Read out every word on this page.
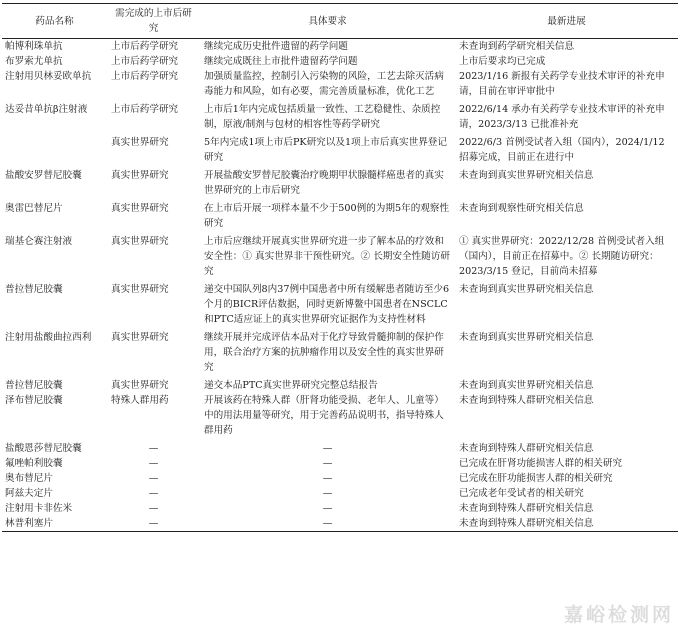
药品名称	需完成的上市后研究	具体要求	最新进展
帕博利珠单抗	上市后药学研究	继续完成历史批件遗留的药学问题	未查询到药学研究相关信息
布罗索尤单抗	上市后药学研究	继续完成既往上市批件遗留药学问题	上市后要求均已完成
注射用贝林妥欧单抗	上市后药学研究	加强质量监控，控制引入污染物的风险，工艺去除灭活病毒能力和风险，如有必要，需完善质量标准，优化工艺	2023/1/16 新报有关药学专业技术审评的补充申请，目前在审评审批中
达妥昔单抗β注射液	上市后药学研究	上市后1年内完成包括质量一致性、工艺稳健性、杂质控制，原液/制剂与包材的相容性等药学研究	2022/6/14 承办有关药学专业技术审评的补充申请，2023/3/13 已批准补充
	真实世界研究	5年内完成1项上市后PK研究以及1项上市后真实世界登记研究	2022/6/3 首例受试者入组（国内），2024/1/12 招募完成，目前正在进行中
盐酸安罗替尼胶囊	真实世界研究	开展盐酸安罗替尼胶囊治疗晚期甲状腺髓样癌患者的真实世界研究的上市后研究	未查询到真实世界研究相关信息
奥雷巴替尼片	真实世界研究	在上市后开展一项样本量不少于500例的为期5年的观察性研究	未查询到观察性研究相关信息
瑞基仑赛注射液	真实世界研究	上市后应继续开展真实世界研究进一步了解本品的疗效和安全性：① 真实世界非干预性研究。② 长期安全性随访研究	① 真实世界研究：2022/12/28 首例受试者入组（国内），目前正在招募中。② 长期随访研究：2023/3/15 登记，目前尚未招募
普拉替尼胶囊	真实世界研究	递交中国队列8内37例中国患者中所有缓解患者随访至少6个月的BICR评估数据，同时更新博鳌中国患者在NSCLC和PTC适应证上的真实世界研究证据作为支持性材料	未查询到真实世界研究相关信息
注射用盐酸曲拉西利	真实世界研究	继续开展并完成评估本品对于化疗导致骨髓抑制的保护作用，联合治疗方案的抗肿瘤作用以及安全性的真实世界研究	未查询到真实世界研究相关信息
普拉替尼胶囊	真实世界研究	递交本品PTC真实世界研究完整总结报告	未查询到真实世界研究相关信息
泽布替尼胶囊	特殊人群用药	开展该药在特殊人群（肝肾功能受损、老年人、儿童等）中的用法用量等研究，用于完善药品说明书，指导特殊人群用药	未查询到特殊人群研究相关信息
盐酸恩莎替尼胶囊	—	—	未查询到特殊人群研究相关信息
氟唑帕利胶囊	—	—	已完成在肝肾功能损害人群的相关研究
奥布替尼片	—	—	已完成在肝功能损害人群的相关研究
阿兹夫定片	—	—	已完成老年受试者的相关研究
注射用卡非佐米	—	—	未查询到特殊人群研究相关信息
林普利塞片	—	—	未查询到特殊人群研究相关信息
嘉峪检测网
